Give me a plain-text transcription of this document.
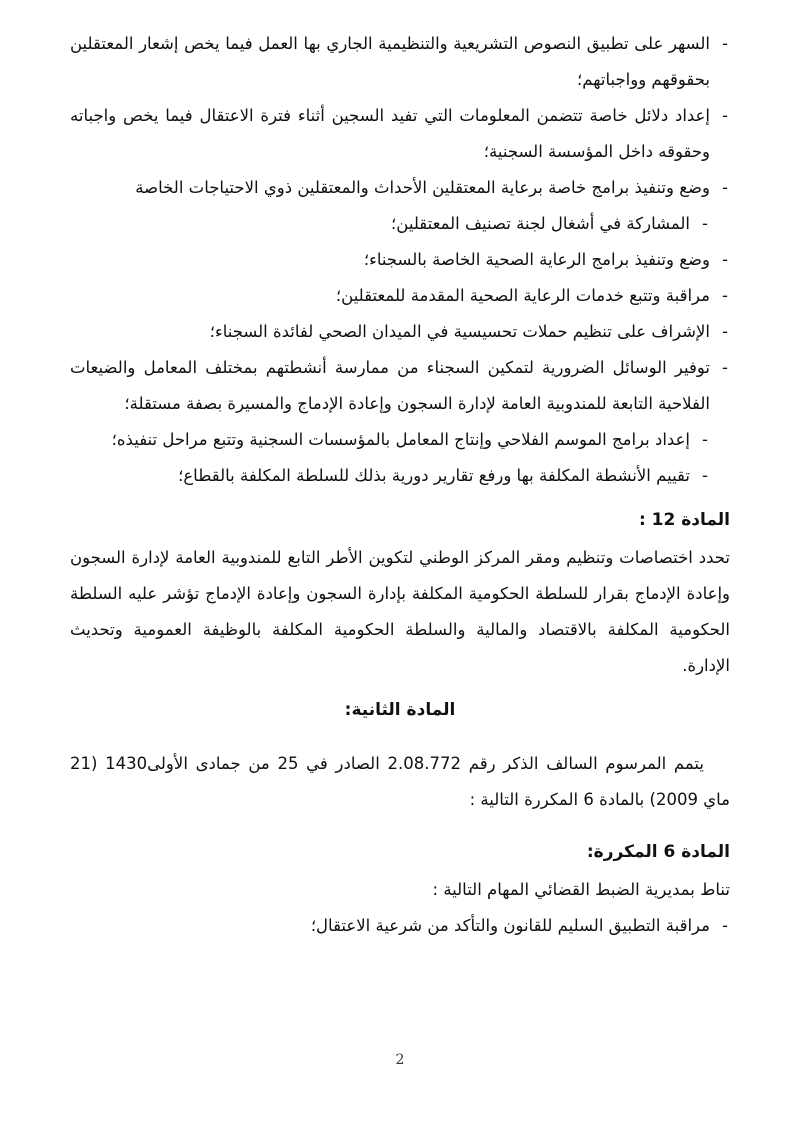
-
السهر على تطبيق النصوص التشريعية والتنظيمية الجاري بها العمل فيما يخص إشعار المعتقلين بحقوقهم وواجباتهم؛
-
إعداد دلائل خاصة تتضمن المعلومات التي تفيد السجين أثناء فترة الاعتقال فيما يخص واجباته وحقوقه داخل المؤسسة السجنية؛
-
وضع وتنفيذ برامج خاصة برعاية المعتقلين الأحداث والمعتقلين ذوي الاحتياجات الخاصة
-
المشاركة في أشغال لجنة تصنيف المعتقلين؛
-
وضع وتنفيذ برامج الرعاية الصحية الخاصة بالسجناء؛
-
مراقبة وتتبع خدمات الرعاية الصحية المقدمة للمعتقلين؛
-
الإشراف على تنظيم حملات تحسيسية في الميدان الصحي لفائدة السجناء؛
-
توفير الوسائل الضرورية لتمكين السجناء من ممارسة أنشطتهم بمختلف المعامل والضيعات الفلاحية التابعة للمندوبية العامة لإدارة السجون وإعادة الإدماج والمسيرة بصفة مستقلة؛
-
إعداد برامج الموسم الفلاحي وإنتاج المعامل بالمؤسسات السجنية وتتبع مراحل تنفيذه؛
-
تقييم الأنشطة المكلفة بها ورفع تقارير دورية بذلك للسلطة المكلفة بالقطاع؛
المادة 12 :

تحدد اختصاصات وتنظيم ومقر المركز الوطني لتكوين الأطر التابع للمندوبية العامة لإدارة السجون وإعادة الإدماج بقرار للسلطة الحكومية المكلفة بإدارة السجون وإعادة الإدماج تؤشر عليه السلطة الحكومية المكلفة بالاقتصاد والمالية والسلطة الحكومية المكلفة بالوظيفة العمومية وتحديث الإدارة.

المادة الثانية:

يتمم المرسوم السالف الذكر رقم 2.08.772 الصادر في 25 من جمادى الأولى1430 (21 ماي 2009) بالمادة 6 المكررة التالية :

المادة 6 المكررة:

تناط بمديرية الضبط القضائي المهام التالية :

-
مراقبة التطبيق السليم للقانون والتأكد من شرعية الاعتقال؛
2
